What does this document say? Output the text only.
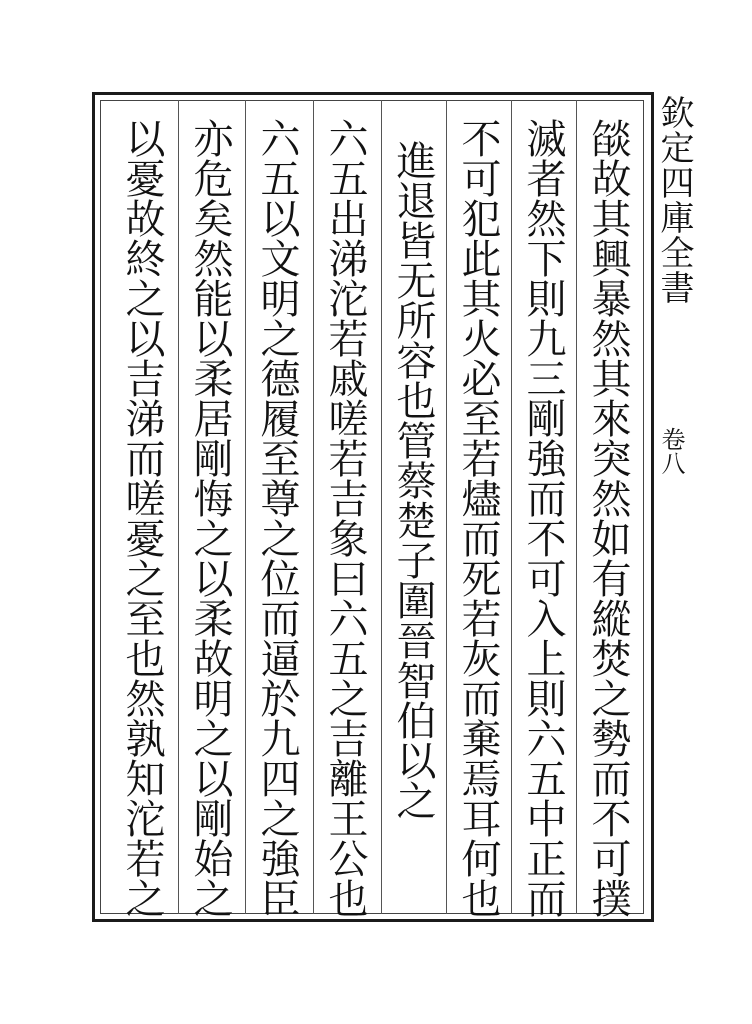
欽定四庫全書
卷八
燄故其興暴然其來突然如有縱焚之勢而不可撲
滅者然下則九三剛強而不可入上則六五中正而
不可犯此其火必至若燼而死若灰而棄焉耳何也
進退皆无所容也管蔡楚子圍晉智伯以之
六五出涕沱若戚嗟若吉象曰六五之吉離王公也
六五以文明之德履至尊之位而逼於九四之強臣
亦危矣然能以柔居剛悔之以柔故明之以剛始之
以憂故終之以吉涕而嗟憂之至也然孰知沱若之
